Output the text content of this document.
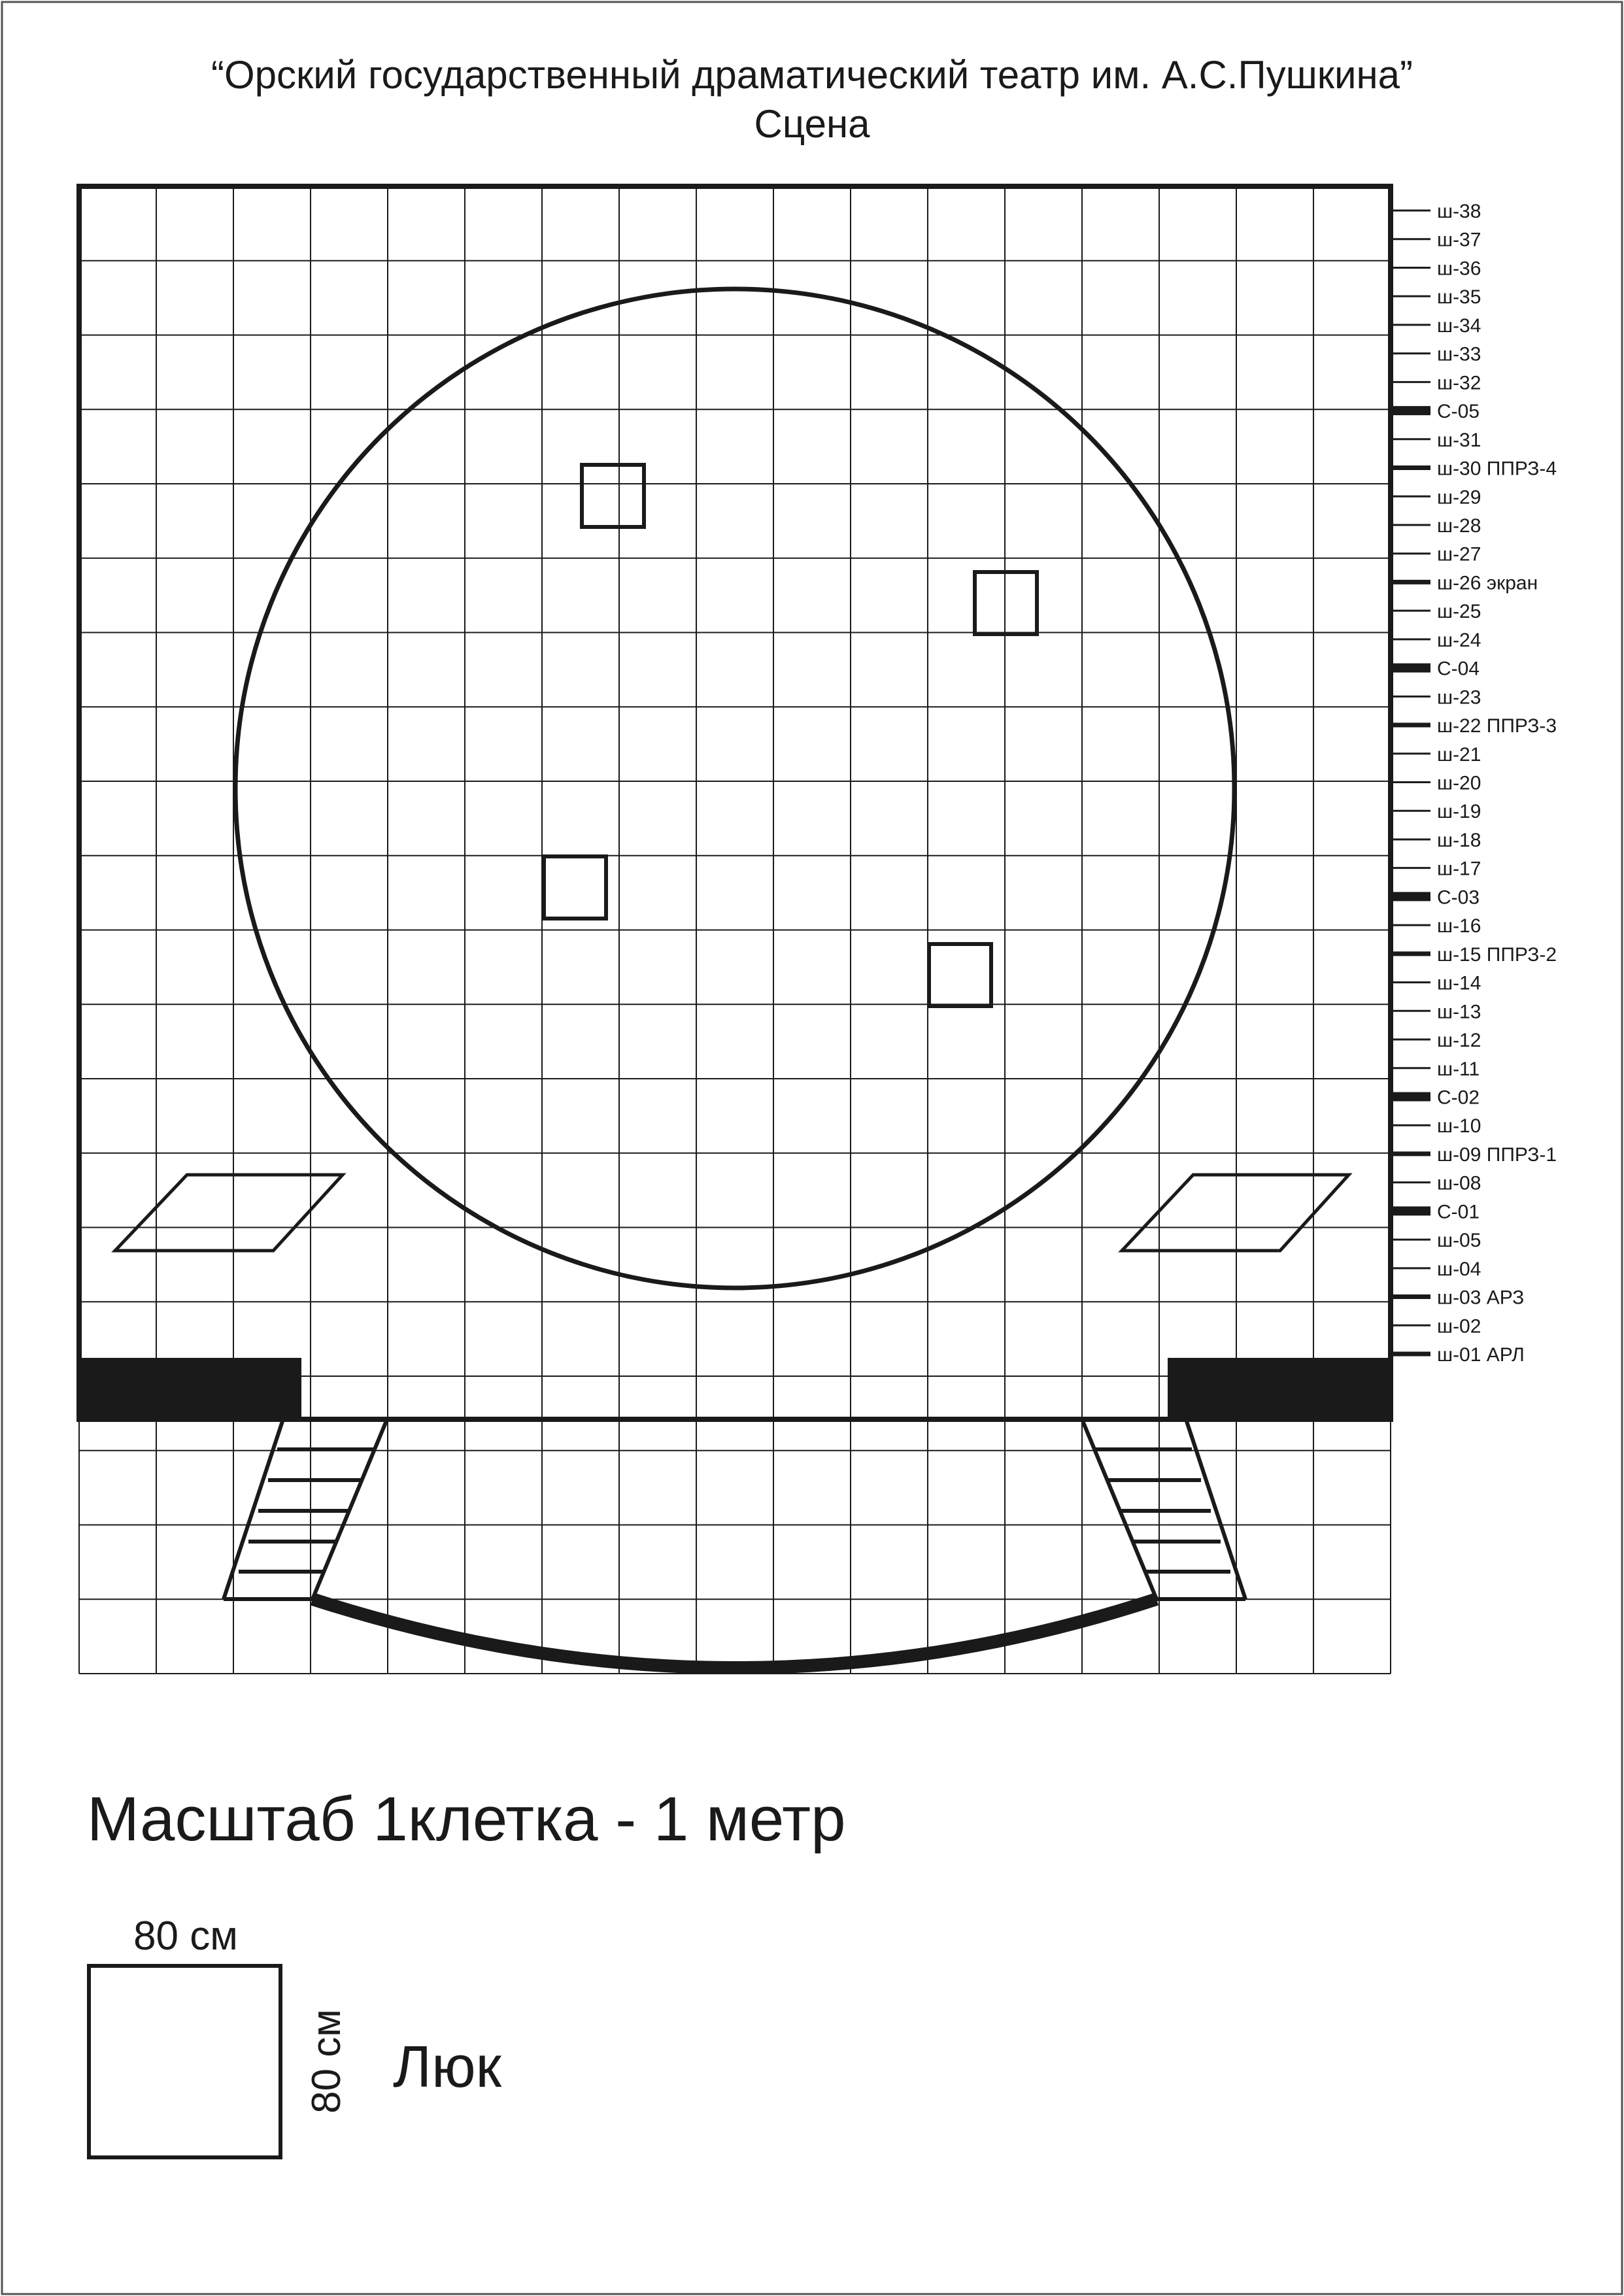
“Орский государственный драматический театр им. А.С.Пушкина”
Сцена
ш-38
ш-37
ш-36
ш-35
ш-34
ш-33
ш-32
С-05
ш-31
ш-30 ППРЗ-4
ш-29
ш-28
ш-27
ш-26 экран
ш-25
ш-24
С-04
ш-23
ш-22 ППРЗ-3
ш-21
ш-20
ш-19
ш-18
ш-17
С-03
ш-16
ш-15 ППРЗ-2
ш-14
ш-13
ш-12
ш-11
С-02
ш-10
ш-09 ППРЗ-1
ш-08
С-01
ш-05
ш-04
ш-03 АРЗ
ш-02
ш-01 АРЛ
Масштаб 1клетка - 1 метр
80 см
80 см Люк
